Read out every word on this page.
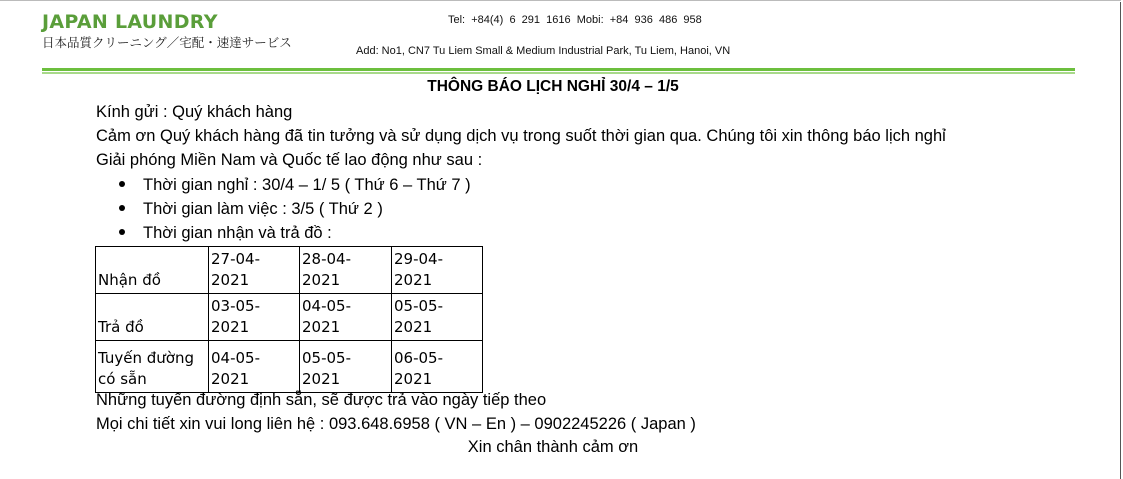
JAPAN LAUNDRY
日本品質クリーニング／宅配・速達サービス
Tel:  +84(4)  6  291  1616  Mobi:  +84  936  486  958
Add: No1, CN7 Tu Liem Small & Medium Industrial Park, Tu Liem, Hanoi, VN
THÔNG BÁO LỊCH NGHỈ 30/4 – 1/5
Kính gửi : Quý khách hàng
Cảm ơn Quý khách hàng đã tin tưởng và sử dụng dịch vụ trong suốt thời gian qua. Chúng tôi xin thông báo lịch nghỉ
Giải phóng Miền Nam và Quốc tế lao động như sau :
Thời gian nghỉ : 30/4 – 1/ 5 ( Thứ 6 – Thứ 7 )
Thời gian làm việc : 3/5 ( Thứ 2 )
Thời gian nhận và trả đồ :
Nhận đồ	27-04-2021	28-04-2021	29-04-2021
Trả đồ	03-05-2021	04-05-2021	05-05-2021

Tuyến đường
có sẵn	04-05-2021	05-05-2021	06-05-2021
Những tuyến đường định sẵn, sẽ được trả vào ngày tiếp theo
Mọi chi tiết xin vui long liên hệ : 093.648.6958 ( VN – En ) – 0902245226 ( Japan )
Xin chân thành cảm ơn
